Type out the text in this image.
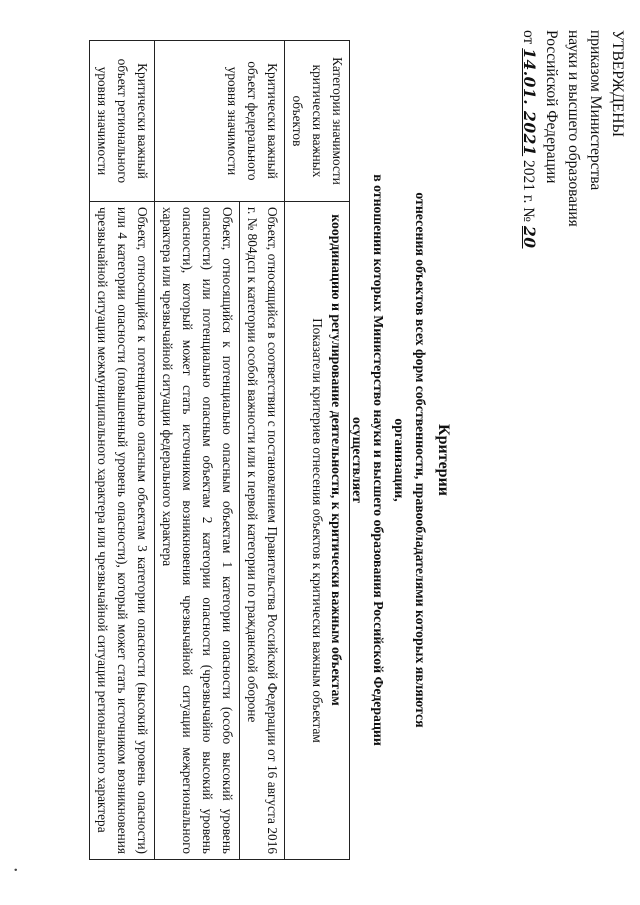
УТВЕРЖДЕНЫ
приказом Министерства
науки и высшего образования
Российской Федерации
от 14.01. 2021 2021 г. № 20
Критерии
отнесения объектов всех форм собственности, правообладателями которых являются организации,
в отношении которых Министерство науки и высшего образования Российской Федерации осуществляет
координацию и регулирование деятельности, к критически важным объектам
Категории значимости критически важных объектов	Показатели критериев отнесения объектов к критически важным объектам
Критически важный объект федерального уровня значимости	Объект, относящийся в соответствии с постановлением Правительства Российской Федерации от 16 августа 2016 г. № 804дсп к категории особой важности или к первой категории по гражданской обороне
	Объект, относящийся к потенциально опасным объектам 1 категории опасности (особо высокий уровень опасности) или потенциально опасным объектам 2 категории опасности (чрезвычайно высокий уровень опасности), который может стать источником возникновения чрезвычайной ситуации межрегионального характера или чрезвычайной ситуации федерального характера
Критически важный объект регионального уровня значимости	Объект, относящийся к потенциально опасным объектам 3 категории опасности (высокий уровень опасности) или 4 категории опасности (повышенный уровень опасности), который может стать источником возникновения чрезвычайной ситуации межмуниципального характера или чрезвычайной ситуации регионального характера
•
